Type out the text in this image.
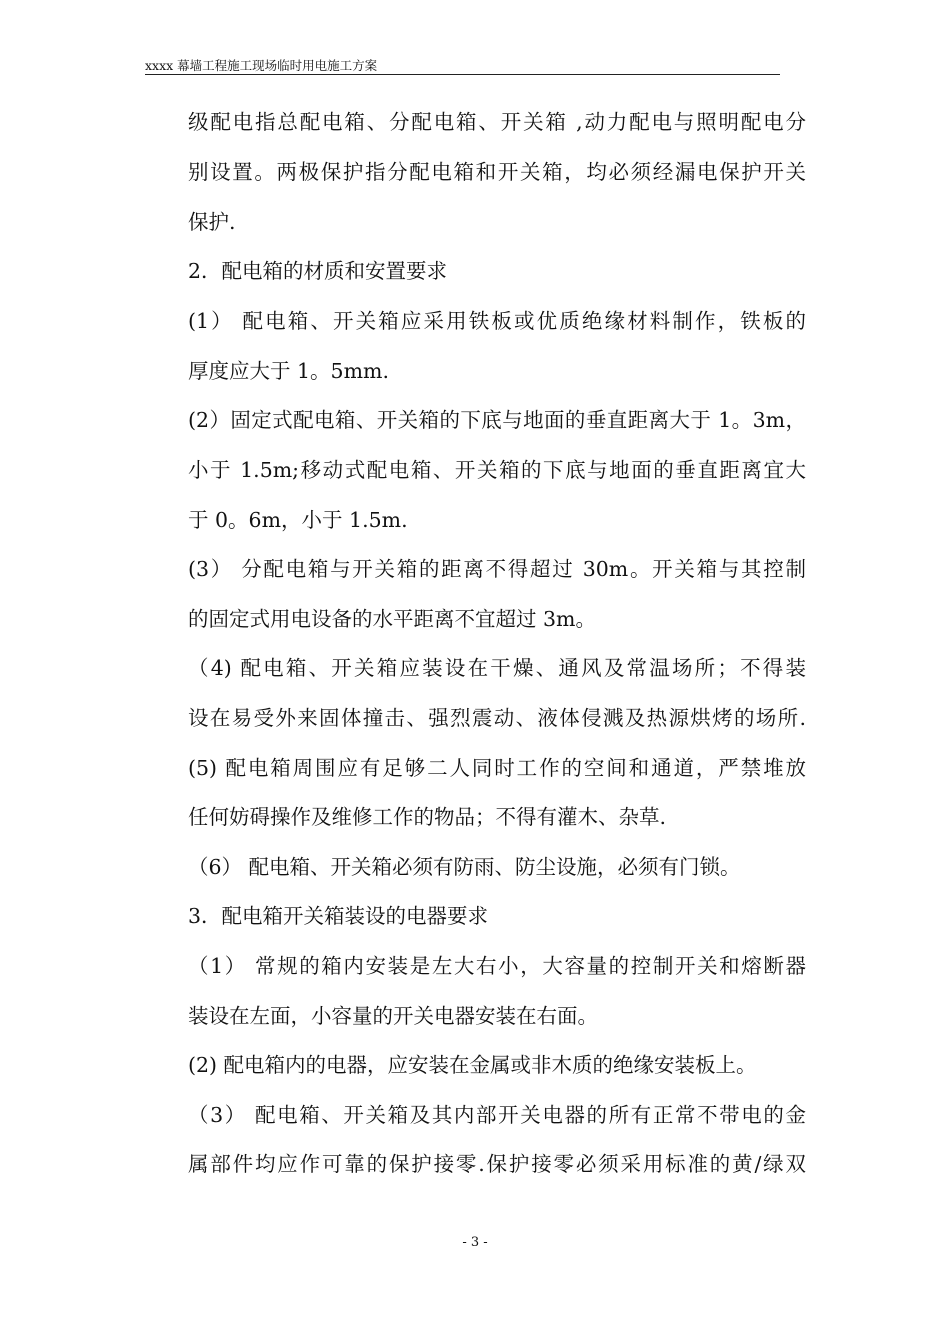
xxxx 幕墙工程施工现场临时用电施工方案
级配电指总配电箱、分配电箱、开关箱 ,动力配电与照明配电分
别设置。两极保护指分配电箱和开关箱，均必须经漏电保护开关
保护.
2．配电箱的材质和安置要求
(1） 配电箱、开关箱应采用铁板或优质绝缘材料制作，铁板的
厚度应大于 1。5mm.
(2）固定式配电箱、开关箱的下底与地面的垂直距离大于 1。3m，
小于 1.5m;移动式配电箱、开关箱的下底与地面的垂直距离宜大
于 0。6m，小于 1.5m.
(3） 分配电箱与开关箱的距离不得超过 30m。开关箱与其控制
的固定式用电设备的水平距离不宜超过 3m。
（4) 配电箱、开关箱应装设在干燥、通风及常温场所；不得装
设在易受外来固体撞击、强烈震动、液体侵溅及热源烘烤的场所.
(5) 配电箱周围应有足够二人同时工作的空间和通道，严禁堆放
任何妨碍操作及维修工作的物品；不得有灌木、杂草.
（6） 配电箱、开关箱必须有防雨、防尘设施，必须有门锁。
3．配电箱开关箱装设的电器要求
（1） 常规的箱内安装是左大右小，大容量的控制开关和熔断器
装设在左面，小容量的开关电器安装在右面。
(2) 配电箱内的电器，应安装在金属或非木质的绝缘安装板上。
（3） 配电箱、开关箱及其内部开关电器的所有正常不带电的金
属部件均应作可靠的保护接零.保护接零必须采用标准的黄/绿双
- 3 -
